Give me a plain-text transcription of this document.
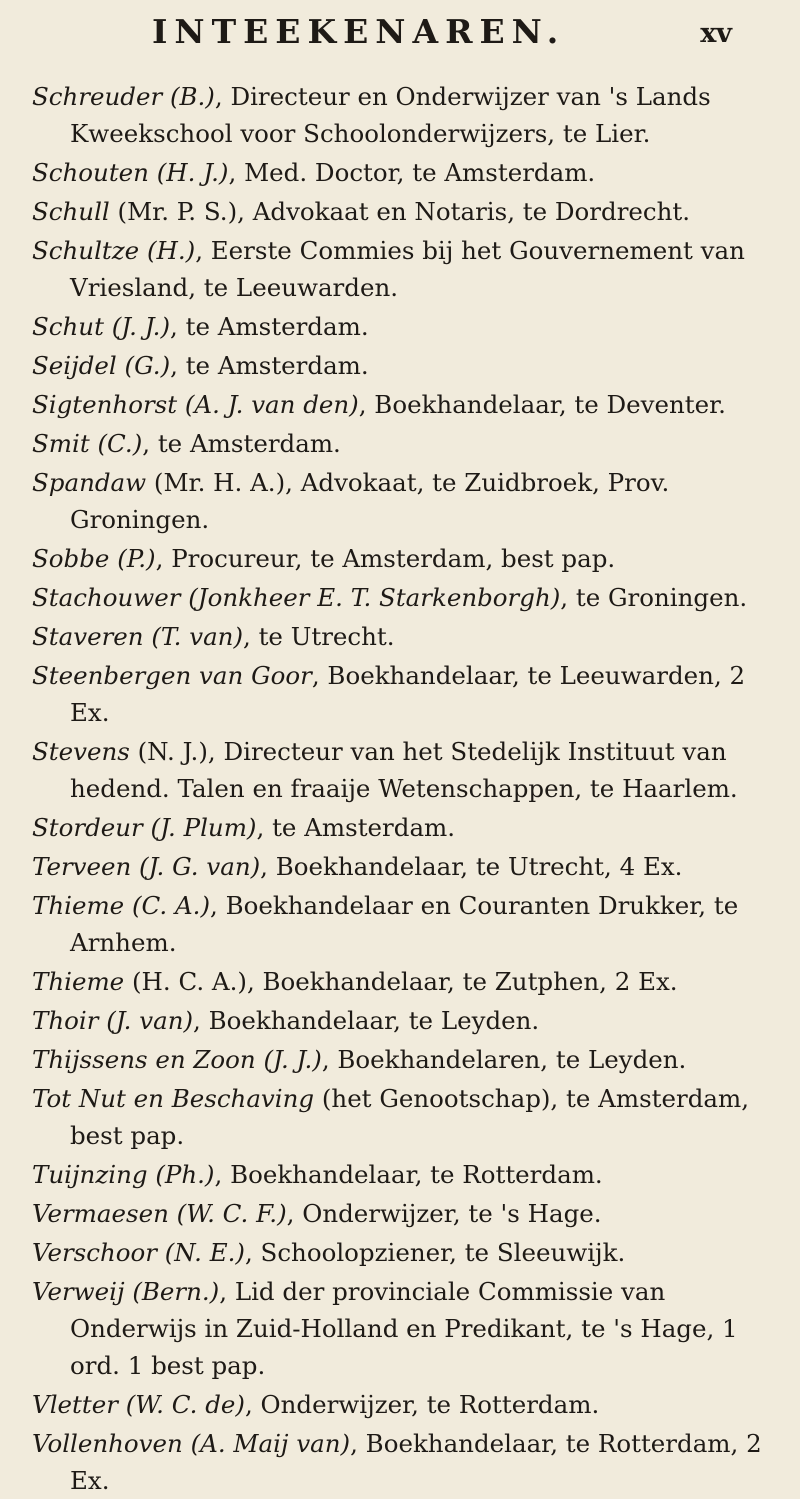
INTEEKENAREN.	xv
Schreuder (B.), Directeur en Onderwijzer van 's Lands Kweekschool voor Schoolonderwijzers, te Lier.
Schouten (H. J.), Med. Doctor, te Amsterdam.
Schull (Mr. P. S.), Advokaat en Notaris, te Dordrecht.
Schultze (H.), Eerste Commies bij het Gouvernement van Vriesland, te Leeuwarden.
Schut (J. J.), te Amsterdam.
Seijdel (G.), te Amsterdam.
Sigtenhorst (A. J. van den), Boekhandelaar, te Deventer.
Smit (C.), te Amsterdam.
Spandaw (Mr. H. A.), Advokaat, te Zuidbroek, Prov. Groningen.
Sobbe (P.), Procureur, te Amsterdam, best pap.
Stachouwer (Jonkheer E. T. Starkenborgh), te Groningen.
Staveren (T. van), te Utrecht.
Steenbergen van Goor, Boekhandelaar, te Leeuwarden, 2 Ex.
Stevens (N. J.), Directeur van het Stedelijk Instituut van hedend. Talen en fraaije Wetenschappen, te Haarlem.
Stordeur (J. Plum), te Amsterdam.
Terveen (J. G. van), Boekhandelaar, te Utrecht, 4 Ex.
Thieme (C. A.), Boekhandelaar en Couranten Drukker, te Arnhem.
Thieme (H. C. A.), Boekhandelaar, te Zutphen, 2 Ex.
Thoir (J. van), Boekhandelaar, te Leyden.
Thijssens en Zoon (J. J.), Boekhandelaren, te Leyden.
Tot Nut en Beschaving (het Genootschap), te Amsterdam, best pap.
Tuijnzing (Ph.), Boekhandelaar, te Rotterdam.
Vermaesen (W. C. F.), Onderwijzer, te 's Hage.
Verschoor (N. E.), Schoolopziener, te Sleeuwijk.
Verweij (Bern.), Lid der provinciale Commissie van Onderwijs in Zuid-Holland en Predikant, te 's Hage, 1 ord. 1 best pap.
Vletter (W. C. de), Onderwijzer, te Rotterdam.
Vollenhoven (A. Maij van), Boekhandelaar, te Rotterdam, 2 Ex.
